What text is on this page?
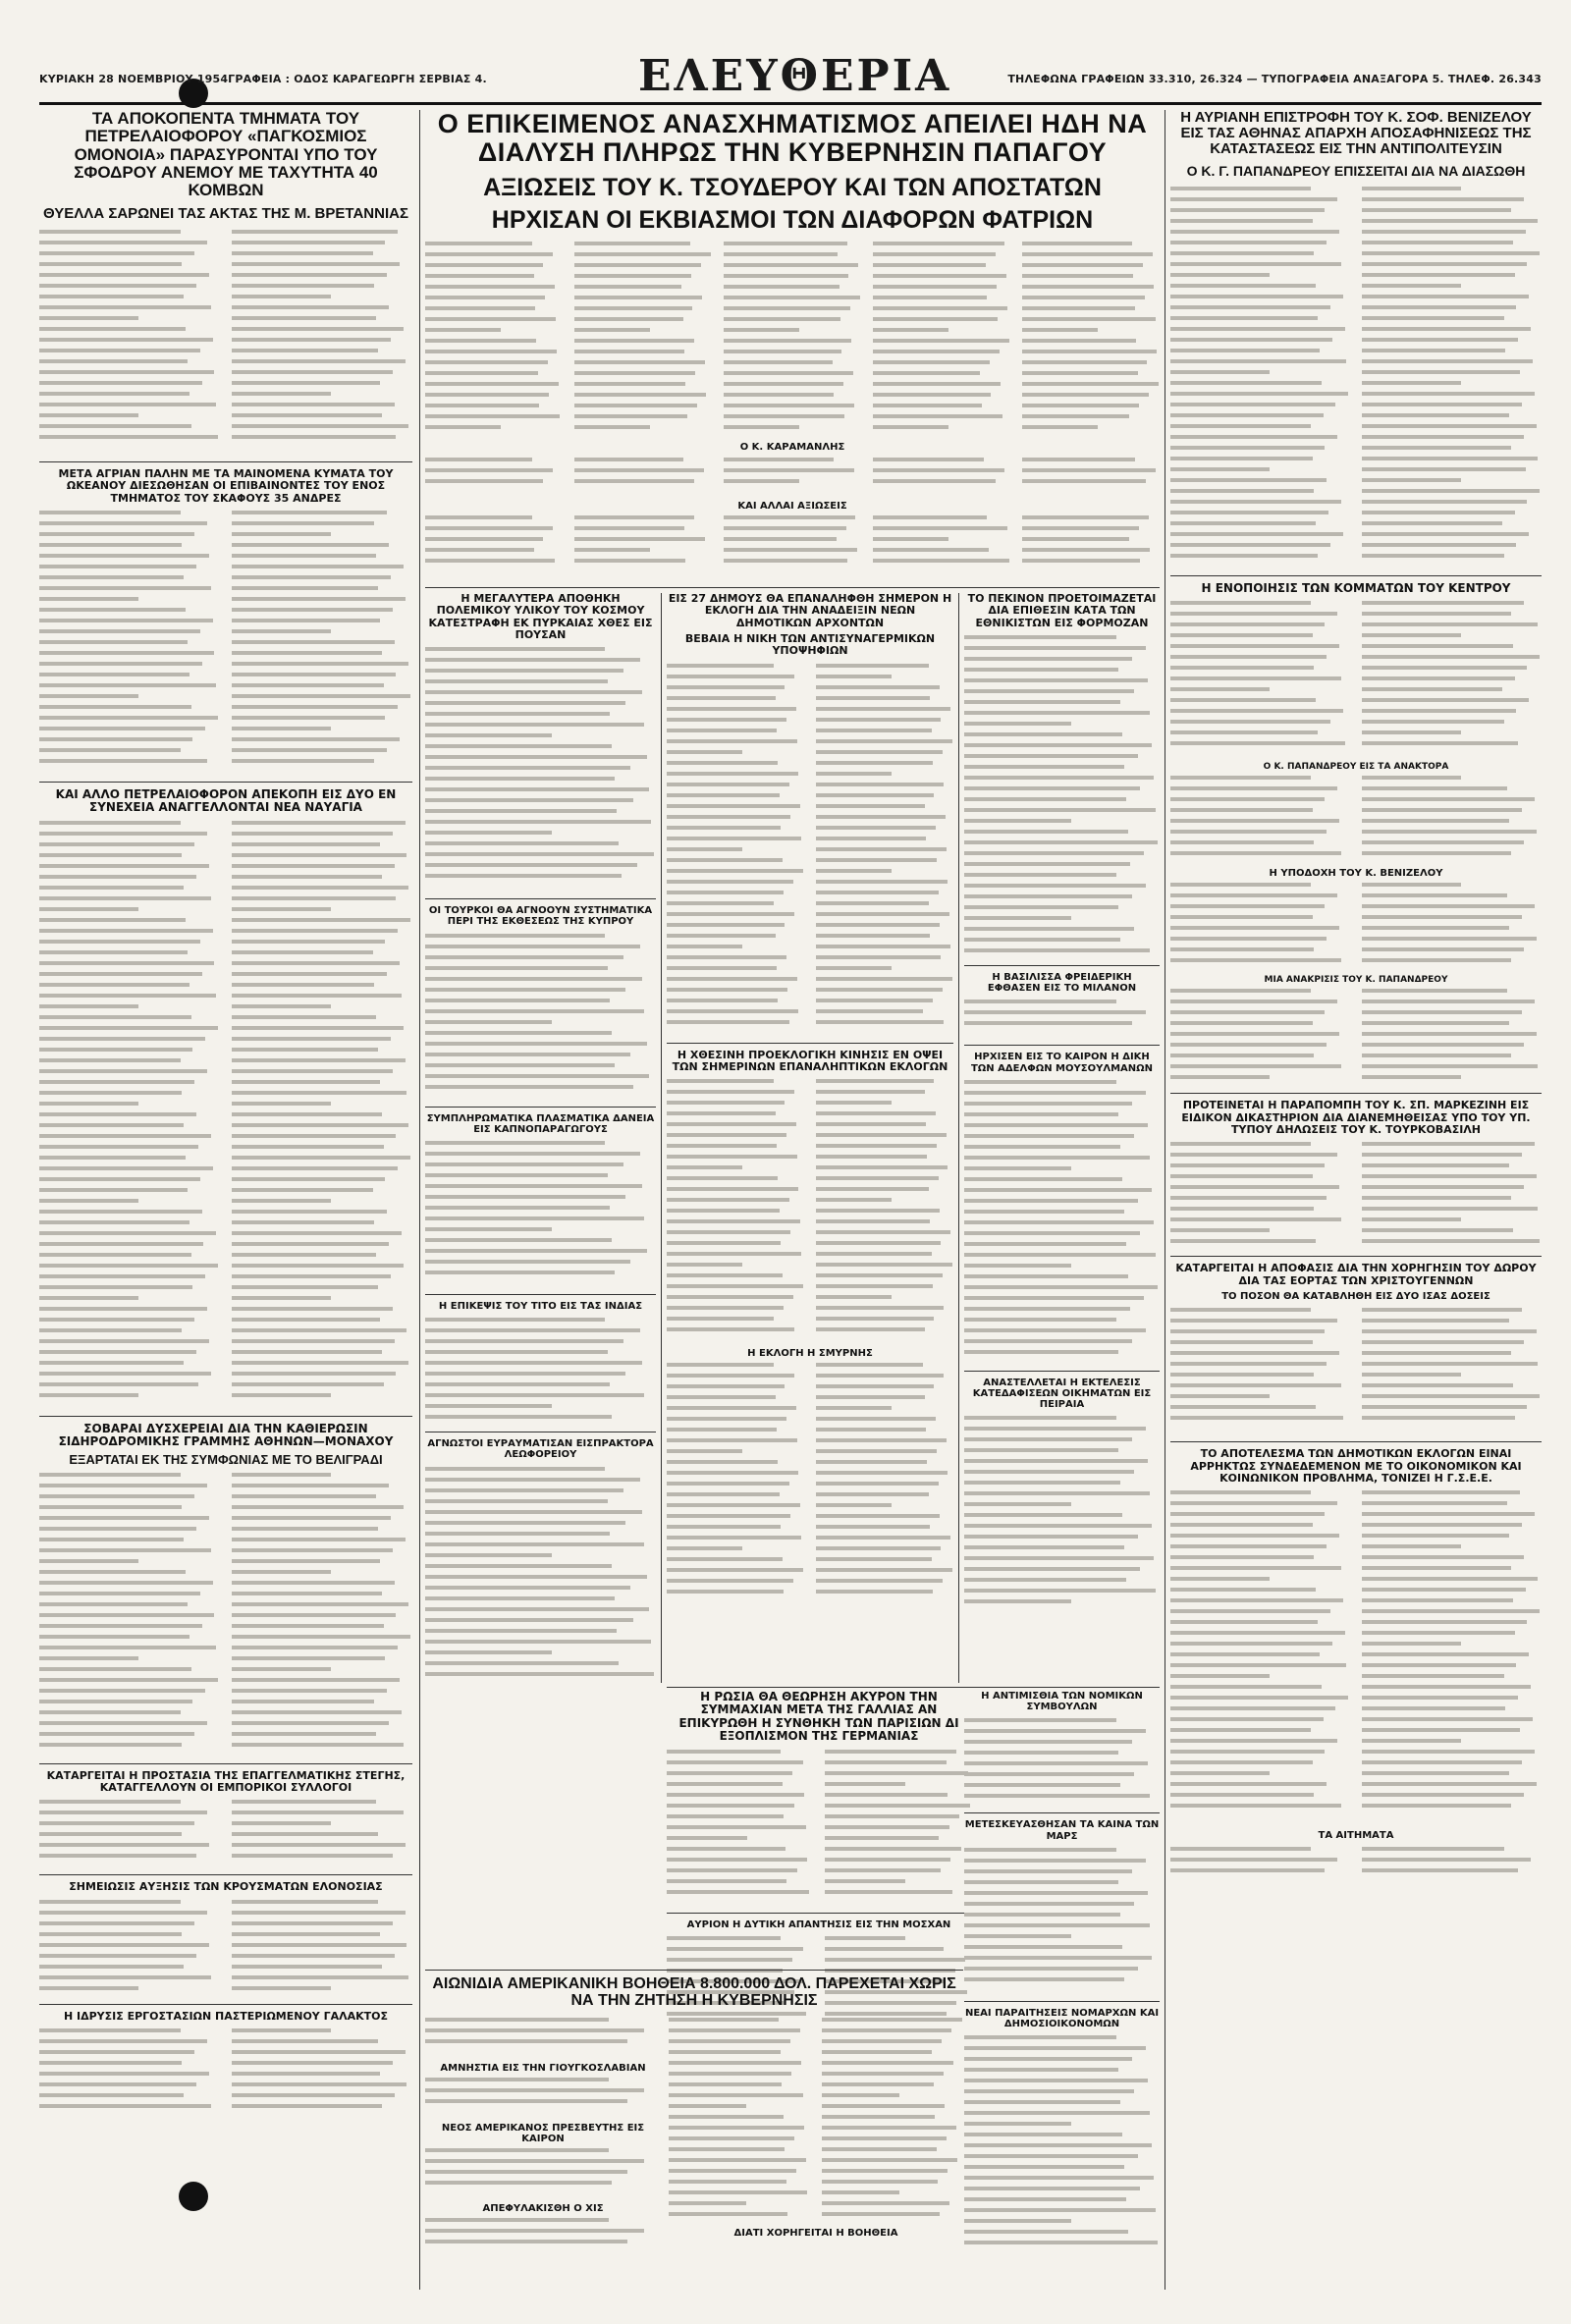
ΚΥΡΙΑΚΗ 28 ΝΟΕΜΒΡΙΟΥ 1954ΓΡΑΦΕΙΑ : ΟΔΟΣ ΚΑΡΑΓΕΩΡΓΗ ΣΕΡΒΙΑΣ 4.	ΕΛΕΥΘΕΡΙΑ	ΤΗΛΕΦΩΝΑ ΓΡΑΦΕΙΩΝ 33.310, 26.324 — ΤΥΠΟΓΡΑΦΕΙΑ ΑΝΑΞΑΓΟΡΑ 5. ΤΗΛΕΦ. 26.343
ΤΑ ΑΠΟΚΟΠΕΝΤΑ ΤΜΗΜΑΤΑ ΤΟΥ ΠΕΤΡΕΛΑΙΟΦΟΡΟΥ «ΠΑΓΚΟΣΜΙΟΣ ΟΜΟΝΟΙΑ» ΠΑΡΑΣΥΡΟΝΤΑΙ ΥΠΟ ΤΟΥ ΣΦΟΔΡΟΥ ΑΝΕΜΟΥ ΜΕ ΤΑΧΥΤΗΤΑ 40 ΚΟΜΒΩΝ
ΘΥΕΛΛΑ ΣΑΡΩΝΕΙ ΤΑΣ ΑΚΤΑΣ ΤΗΣ Μ. ΒΡΕΤΑΝΝΙΑΣ
ΜΕΤΑ ΑΓΡΙΑΝ ΠΑΛΗΝ ΜΕ ΤΑ ΜΑΙΝΟΜΕΝΑ ΚΥΜΑΤΑ ΤΟΥ ΩΚΕΑΝΟΥ ΔΙΕΣΩΘΗΣΑΝ ΟΙ ΕΠΙΒΑΙΝΟΝΤΕΣ ΤΟΥ ΕΝΟΣ ΤΜΗΜΑΤΟΣ ΤΟΥ ΣΚΑΦΟΥΣ 35 ΑΝΔΡΕΣ
ΚΑΙ ΑΛΛΟ ΠΕΤΡΕΛΑΙΟΦΟΡΟΝ ΑΠΕΚΟΠΗ ΕΙΣ ΔΥΟ ΕΝ ΣΥΝΕΧΕΙΑ ΑΝΑΓΓΕΛΛΟΝΤΑΙ ΝΕΑ ΝΑΥΑΓΙΑ
ΣΟΒΑΡΑΙ ΔΥΣΧΕΡΕΙΑΙ ΔΙΑ ΤΗΝ ΚΑΘΙΕΡΩΣΙΝ ΣΙΔΗΡΟΔΡΟΜΙΚΗΣ ΓΡΑΜΜΗΣ ΑΘΗΝΩΝ—ΜΟΝΑΧΟΥ
ΕΞΑΡΤΑΤΑΙ ΕΚ ΤΗΣ ΣΥΜΦΩΝΙΑΣ ΜΕ ΤΟ ΒΕΛΙΓΡΑΔΙ
ΚΑΤΑΡΓΕΙΤΑΙ Η ΠΡΟΣΤΑΣΙΑ ΤΗΣ ΕΠΑΓΓΕΛΜΑΤΙΚΗΣ ΣΤΕΓΗΣ, ΚΑΤΑΓΓΕΛΛΟΥΝ ΟΙ ΕΜΠΟΡΙΚΟΙ ΣΥΛΛΟΓΟΙ
ΣΗΜΕΙΩΣΙΣ ΑΥΞΗΣΙΣ ΤΩΝ ΚΡΟΥΣΜΑΤΩΝ ΕΛΟΝΟΣΙΑΣ
Η ΙΔΡΥΣΙΣ ΕΡΓΟΣΤΑΣΙΩΝ ΠΑΣΤΕΡΙΩΜΕΝΟΥ ΓΑΛΑΚΤΟΣ
Ο ΕΠΙΚΕΙΜΕΝΟΣ ΑΝΑΣΧΗΜΑΤΙΣΜΟΣ ΑΠΕΙΛΕΙ ΗΔΗ ΝΑ ΔΙΑΛΥΣΗ ΠΛΗΡΩΣ ΤΗΝ ΚΥΒΕΡΝΗΣΙΝ ΠΑΠΑΓΟΥ
ΑΞΙΩΣΕΙΣ ΤΟΥ Κ. ΤΣΟΥΔΕΡΟΥ ΚΑΙ ΤΩΝ ΑΠΟΣΤΑΤΩΝ
ΗΡΧΙΣΑΝ ΟΙ ΕΚΒΙΑΣΜΟΙ ΤΩΝ ΔΙΑΦΟΡΩΝ ΦΑΤΡΙΩΝ
Ο Κ. ΚΑΡΑΜΑΝΛΗΣ
ΚΑΙ ΑΛΛΑΙ ΑΞΙΩΣΕΙΣ
Η ΜΕΓΑΛΥΤΕΡΑ ΑΠΟΘΗΚΗ ΠΟΛΕΜΙΚΟΥ ΥΛΙΚΟΥ ΤΟΥ ΚΟΣΜΟΥ ΚΑΤΕΣΤΡΑΦΗ ΕΚ ΠΥΡΚΑΙΑΣ ΧΘΕΣ ΕΙΣ ΠΟΥΣΑΝ
ΟΙ ΤΟΥΡΚΟΙ ΘΑ ΑΓΝΟΟΥΝ ΣΥΣΤΗΜΑΤΙΚΑ ΠΕΡΙ ΤΗΣ ΕΚΘΕΣΕΩΣ ΤΗΣ ΚΥΠΡΟΥ
ΣΥΜΠΛΗΡΩΜΑΤΙΚΑ ΠΛΑΣΜΑΤΙΚΑ ΔΑΝΕΙΑ ΕΙΣ ΚΑΠΝΟΠΑΡΑΓΩΓΟΥΣ
Η ΕΠΙΚΕΨΙΣ ΤΟΥ ΤΙΤΟ ΕΙΣ ΤΑΣ ΙΝΔΙΑΣ
ΑΓΝΩΣΤΟΙ ΕΥΡΑΥΜΑΤΙΣΑΝ ΕΙΣΠΡΑΚΤΟΡΑ ΛΕΩΦΟΡΕΙΟΥ
ΕΙΣ 27 ΔΗΜΟΥΣ ΘΑ ΕΠΑΝΑΛΗΦΘΗ ΣΗΜΕΡΟΝ Η ΕΚΛΟΓΗ ΔΙΑ ΤΗΝ ΑΝΑΔΕΙΞΙΝ ΝΕΩΝ ΔΗΜΟΤΙΚΩΝ ΑΡΧΟΝΤΩΝ
ΒΕΒΑΙΑ Η ΝΙΚΗ ΤΩΝ ΑΝΤΙΣΥΝΑΓΕΡΜΙΚΩΝ ΥΠΟΨΗΦΙΩΝ
Η ΧΘΕΣΙΝΗ ΠΡΟΕΚΛΟΓΙΚΗ ΚΙΝΗΣΙΣ ΕΝ ΟΨΕΙ ΤΩΝ ΣΗΜΕΡΙΝΩΝ ΕΠΑΝΑΛΗΠΤΙΚΩΝ ΕΚΛΟΓΩΝ
Η ΕΚΛΟΓΗ Η ΣΜΥΡΝΗΣ
ΤΟ ΠΕΚΙΝΟΝ ΠΡΟΕΤΟΙΜΑΖΕΤΑΙ ΔΙΑ ΕΠΙΘΕΣΙΝ ΚΑΤΑ ΤΩΝ ΕΘΝΙΚΙΣΤΩΝ ΕΙΣ ΦΟΡΜΟΖΑΝ
Η ΒΑΣΙΛΙΣΣΑ ΦΡΕΙΔΕΡΙΚΗ ΕΦΘΑΣΕΝ ΕΙΣ ΤΟ ΜΙΛΑΝΟΝ
ΗΡΧΙΣΕΝ ΕΙΣ ΤΟ ΚΑΙΡΟΝ Η ΔΙΚΗ ΤΩΝ ΑΔΕΛΦΩΝ ΜΟΥΣΟΥΛΜΑΝΩΝ
ΑΝΑΣΤΕΛΛΕΤΑΙ Η ΕΚΤΕΛΕΣΙΣ ΚΑΤΕΔΑΦΙΣΕΩΝ ΟΙΚΗΜΑΤΩΝ ΕΙΣ ΠΕΙΡΑΙΑ
Η ΡΩΣΙΑ ΘΑ ΘΕΩΡΗΣΗ ΑΚΥΡΟΝ ΤΗΝ ΣΥΜΜΑΧΙΑΝ ΜΕΤΑ ΤΗΣ ΓΑΛΛΙΑΣ ΑΝ ΕΠΙΚΥΡΩΘΗ Η ΣΥΝΘΗΚΗ ΤΩΝ ΠΑΡΙΣΙΩΝ ΔΙ ΕΞΟΠΛΙΣΜΟΝ ΤΗΣ ΓΕΡΜΑΝΙΑΣ
ΑΥΡΙΟΝ Η ΔΥΤΙΚΗ ΑΠΑΝΤΗΣΙΣ ΕΙΣ ΤΗΝ ΜΟΣΧΑΝ
Η ΑΝΤΙΜΙΣΘΙΑ ΤΩΝ ΝΟΜΙΚΩΝ ΣΥΜΒΟΥΛΩΝ
ΜΕΤΕΣΚΕΥΑΣΘΗΣΑΝ ΤΑ ΚΑΙΝΑ ΤΩΝ ΜΑΡΣ
ΝΕΑΙ ΠΑΡΑΙΤΗΣΕΙΣ ΝΟΜΑΡΧΩΝ ΚΑΙ ΔΗΜΟΣΙΟΙΚΟΝΟΜΩΝ
ΑΙΩΝΙΔΙΑ ΑΜΕΡΙΚΑΝΙΚΗ ΒΟΗΘΕΙΑ 8.800.000 ΔΟΛ. ΠΑΡΕΧΕΤΑΙ ΧΩΡΙΣ ΝΑ ΤΗΝ ΖΗΤΗΣΗ Η ΚΥΒΕΡΝΗΣΙΣ
ΑΜΝΗΣΤΙΑ ΕΙΣ ΤΗΝ ΓΙΟΥΓΚΟΣΛΑΒΙΑΝ
ΝΕΟΣ ΑΜΕΡΙΚΑΝΟΣ ΠΡΕΣΒΕΥΤΗΣ ΕΙΣ ΚΑΙΡΟΝ
ΑΠΕΦΥΛΑΚΙΣΘΗ Ο ΧΙΣ
ΔΙΑΤΙ ΧΟΡΗΓΕΙΤΑΙ Η ΒΟΗΘΕΙΑ
Η ΑΥΡΙΑΝΗ ΕΠΙΣΤΡΟΦΗ ΤΟΥ Κ. ΣΟΦ. ΒΕΝΙΖΕΛΟΥ ΕΙΣ ΤΑΣ ΑΘΗΝΑΣ ΑΠΑΡΧΗ ΑΠΟΣΑΦΗΝΙΣΕΩΣ ΤΗΣ ΚΑΤΑΣΤΑΣΕΩΣ ΕΙΣ ΤΗΝ ΑΝΤΙΠΟΛΙΤΕΥΣΙΝ
Ο Κ. Γ. ΠΑΠΑΝΔΡΕΟΥ ΕΠΙΣΣΕΙΤΑΙ ΔΙΑ ΝΑ ΔΙΑΣΩΘΗ
Η ΕΝΟΠΟΙΗΣΙΣ ΤΩΝ ΚΟΜΜΑΤΩΝ ΤΟΥ ΚΕΝΤΡΟΥ
Ο Κ. ΠΑΠΑΝΔΡΕΟΥ ΕΙΣ ΤΑ ΑΝΑΚΤΟΡΑ
Η ΥΠΟΔΟΧΗ ΤΟΥ Κ. ΒΕΝΙΖΕΛΟΥ
ΜΙΑ ΑΝΑΚΡΙΣΙΣ ΤΟΥ Κ. ΠΑΠΑΝΔΡΕΟΥ
ΠΡΟΤΕΙΝΕΤΑΙ Η ΠΑΡΑΠΟΜΠΗ ΤΟΥ Κ. ΣΠ. ΜΑΡΚΕΖΙΝΗ ΕΙΣ ΕΙΔΙΚΟΝ ΔΙΚΑΣΤΗΡΙΟΝ ΔΙΑ ΔΙΑΝΕΜΗΘΕΙΣΑΣ ΥΠΟ ΤΟΥ ΥΠ. ΤΥΠΟΥ ΔΗΛΩΣΕΙΣ ΤΟΥ Κ. ΤΟΥΡΚΟΒΑΣΙΛΗ
ΚΑΤΑΡΓΕΙΤΑΙ Η ΑΠΟΦΑΣΙΣ ΔΙΑ ΤΗΝ ΧΟΡΗΓΗΣΙΝ ΤΟΥ ΔΩΡΟΥ ΔΙΑ ΤΑΣ ΕΟΡΤΑΣ ΤΩΝ ΧΡΙΣΤΟΥΓΕΝΝΩΝ
ΤΟ ΠΟΣΟΝ ΘΑ ΚΑΤΑΒΛΗΘΗ ΕΙΣ ΔΥΟ ΙΣΑΣ ΔΟΣΕΙΣ
ΤΟ ΑΠΟΤΕΛΕΣΜΑ ΤΩΝ ΔΗΜΟΤΙΚΩΝ ΕΚΛΟΓΩΝ ΕΙΝΑΙ ΑΡΡΗΚΤΩΣ ΣΥΝΔΕΔΕΜΕΝΟΝ ΜΕ ΤΟ ΟΙΚΟΝΟΜΙΚΟΝ ΚΑΙ ΚΟΙΝΩΝΙΚΟΝ ΠΡΟΒΛΗΜΑ, ΤΟΝΙΖΕΙ Η Γ.Σ.Ε.Ε.
ΤΑ ΑΙΤΗΜΑΤΑ
